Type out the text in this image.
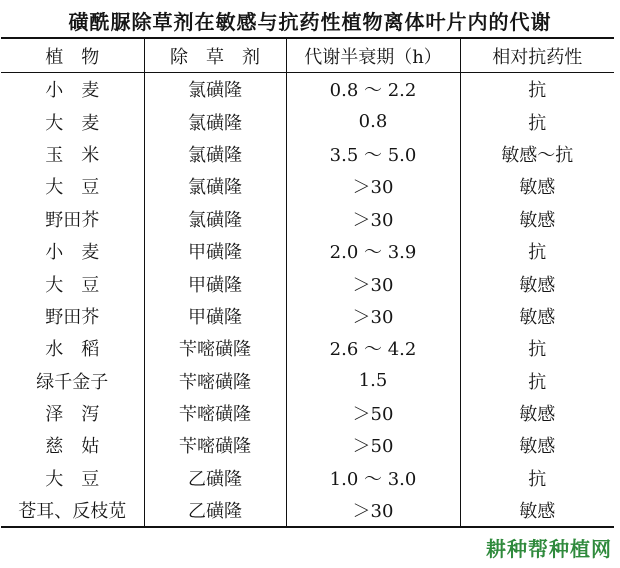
磺酰脲除草剂在敏感与抗药性植物离体叶片内的代谢
植　物	除　草　剂	代谢半衰期（h）	相对抗药性
小　麦	氯磺隆	0.8 ～ 2.2	抗
大　麦	氯磺隆	0.8	抗
玉　米	氯磺隆	3.5 ～ 5.0	敏感～抗
大　豆	氯磺隆	＞30	敏感
野田芥	氯磺隆	＞30	敏感
小　麦	甲磺隆	2.0 ～ 3.9	抗
大　豆	甲磺隆	＞30	敏感
野田芥	甲磺隆	＞30	敏感
水　稻	苄嘧磺隆	2.6 ～ 4.2	抗
绿千金子	苄嘧磺隆	1.5	抗
泽　泻	苄嘧磺隆	＞50	敏感
慈　姑	苄嘧磺隆	＞50	敏感
大　豆	乙磺隆	1.0 ～ 3.0	抗
苍耳、反枝苋	乙磺隆	＞30	敏感
耕种帮种植网
